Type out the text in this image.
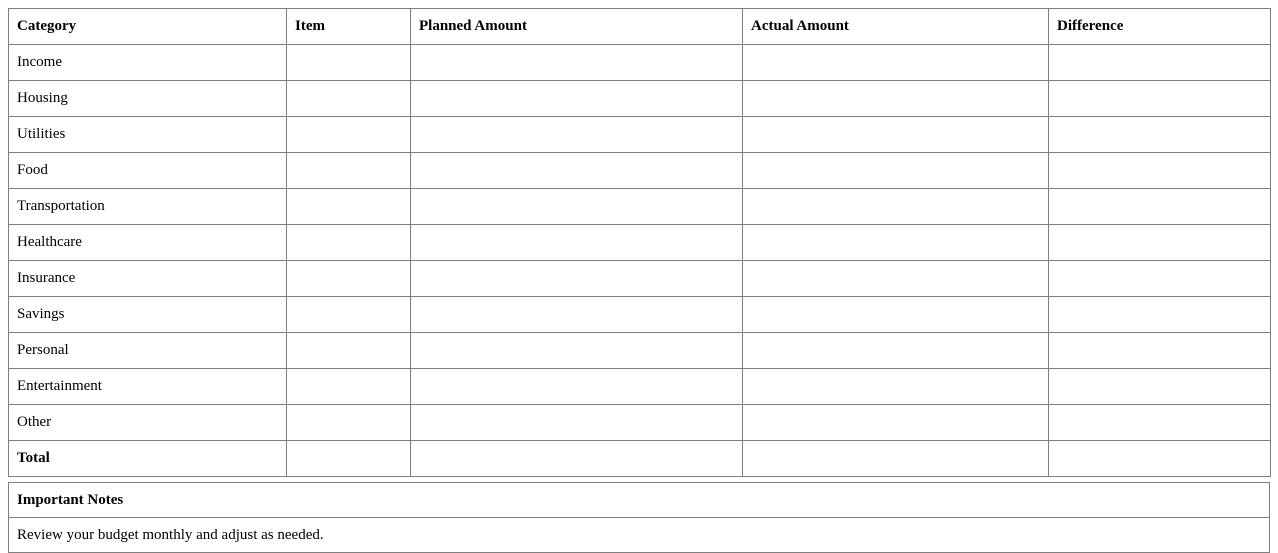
Category	Item	Planned Amount	Actual Amount	Difference
Income				
Housing				
Utilities				
Food				
Transportation				
Healthcare				
Insurance				
Savings				
Personal				
Entertainment				
Other				
Total				
Important Notes
Review your budget monthly and adjust as needed.
